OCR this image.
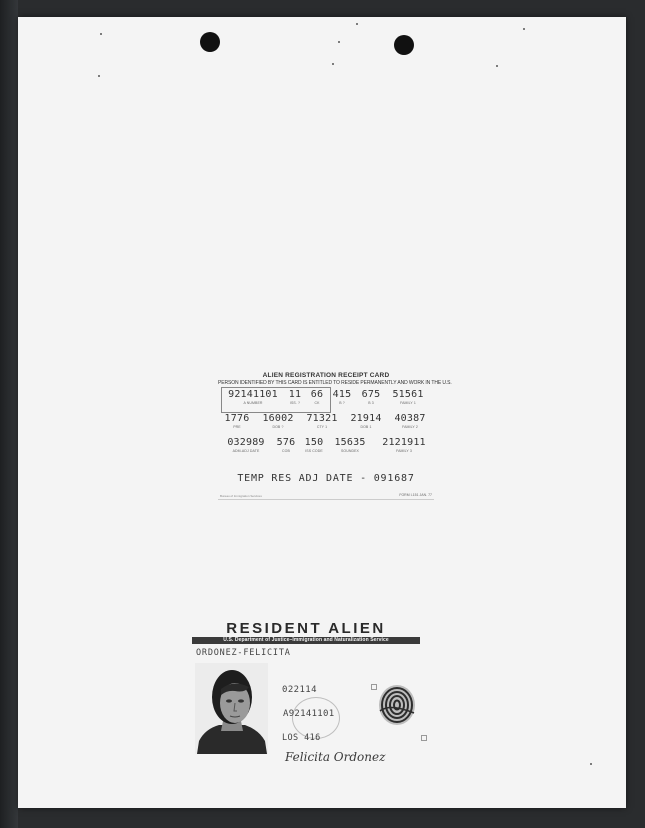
ALIEN REGISTRATION RECEIPT CARD
PERSON IDENTIFIED BY THIS CARD IS ENTITLED TO RESIDE PERMANENTLY AND WORK IN THE U.S.
92141101
A NUMBER
11
ISS. ?
66
CK
415
B ?
675
B 3
51561
FAMILY 1
1776
PRE
16002
DOB ?
71321
CTY 1
21914
DOB 1
40387
FAMILY 2
032989
ADM-ADJ DATE
576
COB
150
ISS CODE
15635
SOUNDEX
2121911
FAMILY 3
TEMP RES ADJ DATE - 091687
Bureau of Immigration Services	FORM I-151 JAN. 77
RESIDENT ALIEN
U.S. Department of Justice–Immigration and Naturalization Service
ORDONEZ-FELICITA
022114
A92141101
LOS 416
Felicita Ordonez
